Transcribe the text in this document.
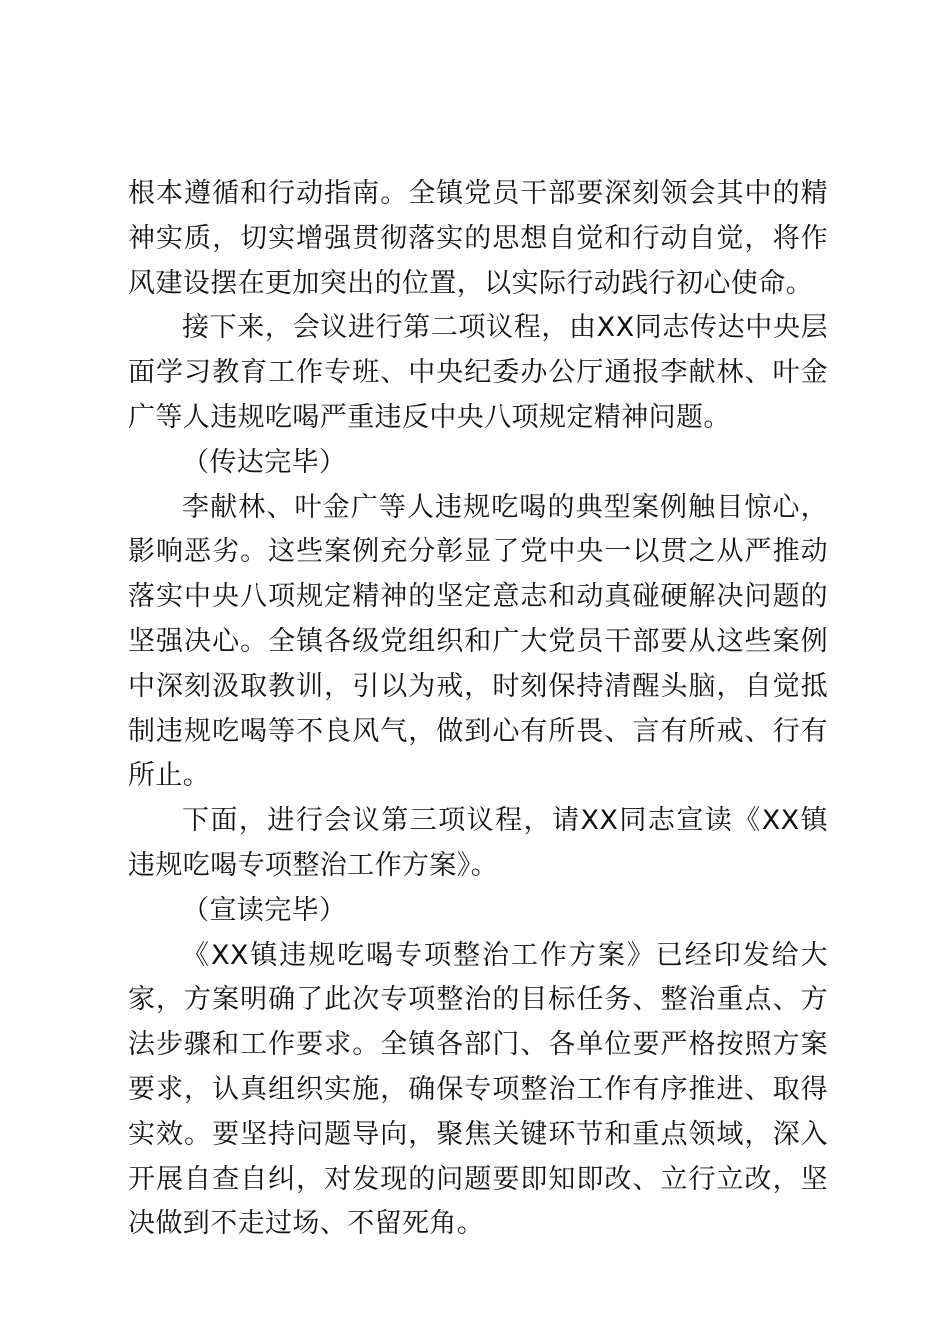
根本遵循和行动指南。全镇党员干部要深刻领会其中的精神实质，切实增强贯彻落实的思想自觉和行动自觉，将作风建设摆在更加突出的位置，以实际行动践行初心使命。

接下来，会议进行第二项议程，由XX同志传达中央层面学习教育工作专班、中央纪委办公厅通报李献林、叶金广等人违规吃喝严重违反中央八项规定精神问题。

（传达完毕）

李献林、叶金广等人违规吃喝的典型案例触目惊心，影响恶劣。这些案例充分彰显了党中央一以贯之从严推动落实中央八项规定精神的坚定意志和动真碰硬解决问题的坚强决心。全镇各级党组织和广大党员干部要从这些案例中深刻汲取教训，引以为戒，时刻保持清醒头脑，自觉抵制违规吃喝等不良风气，做到心有所畏、言有所戒、行有所止。

下面，进行会议第三项议程，请XX同志宣读《XX镇违规吃喝专项整治工作方案》。

（宣读完毕）

《XX镇违规吃喝专项整治工作方案》已经印发给大家，方案明确了此次专项整治的目标任务、整治重点、方法步骤和工作要求。全镇各部门、各单位要严格按照方案要求，认真组织实施，确保专项整治工作有序推进、取得实效。要坚持问题导向，聚焦关键环节和重点领域，深入开展自查自纠，对发现的问题要即知即改、立行立改，坚决做到不走过场、不留死角。
